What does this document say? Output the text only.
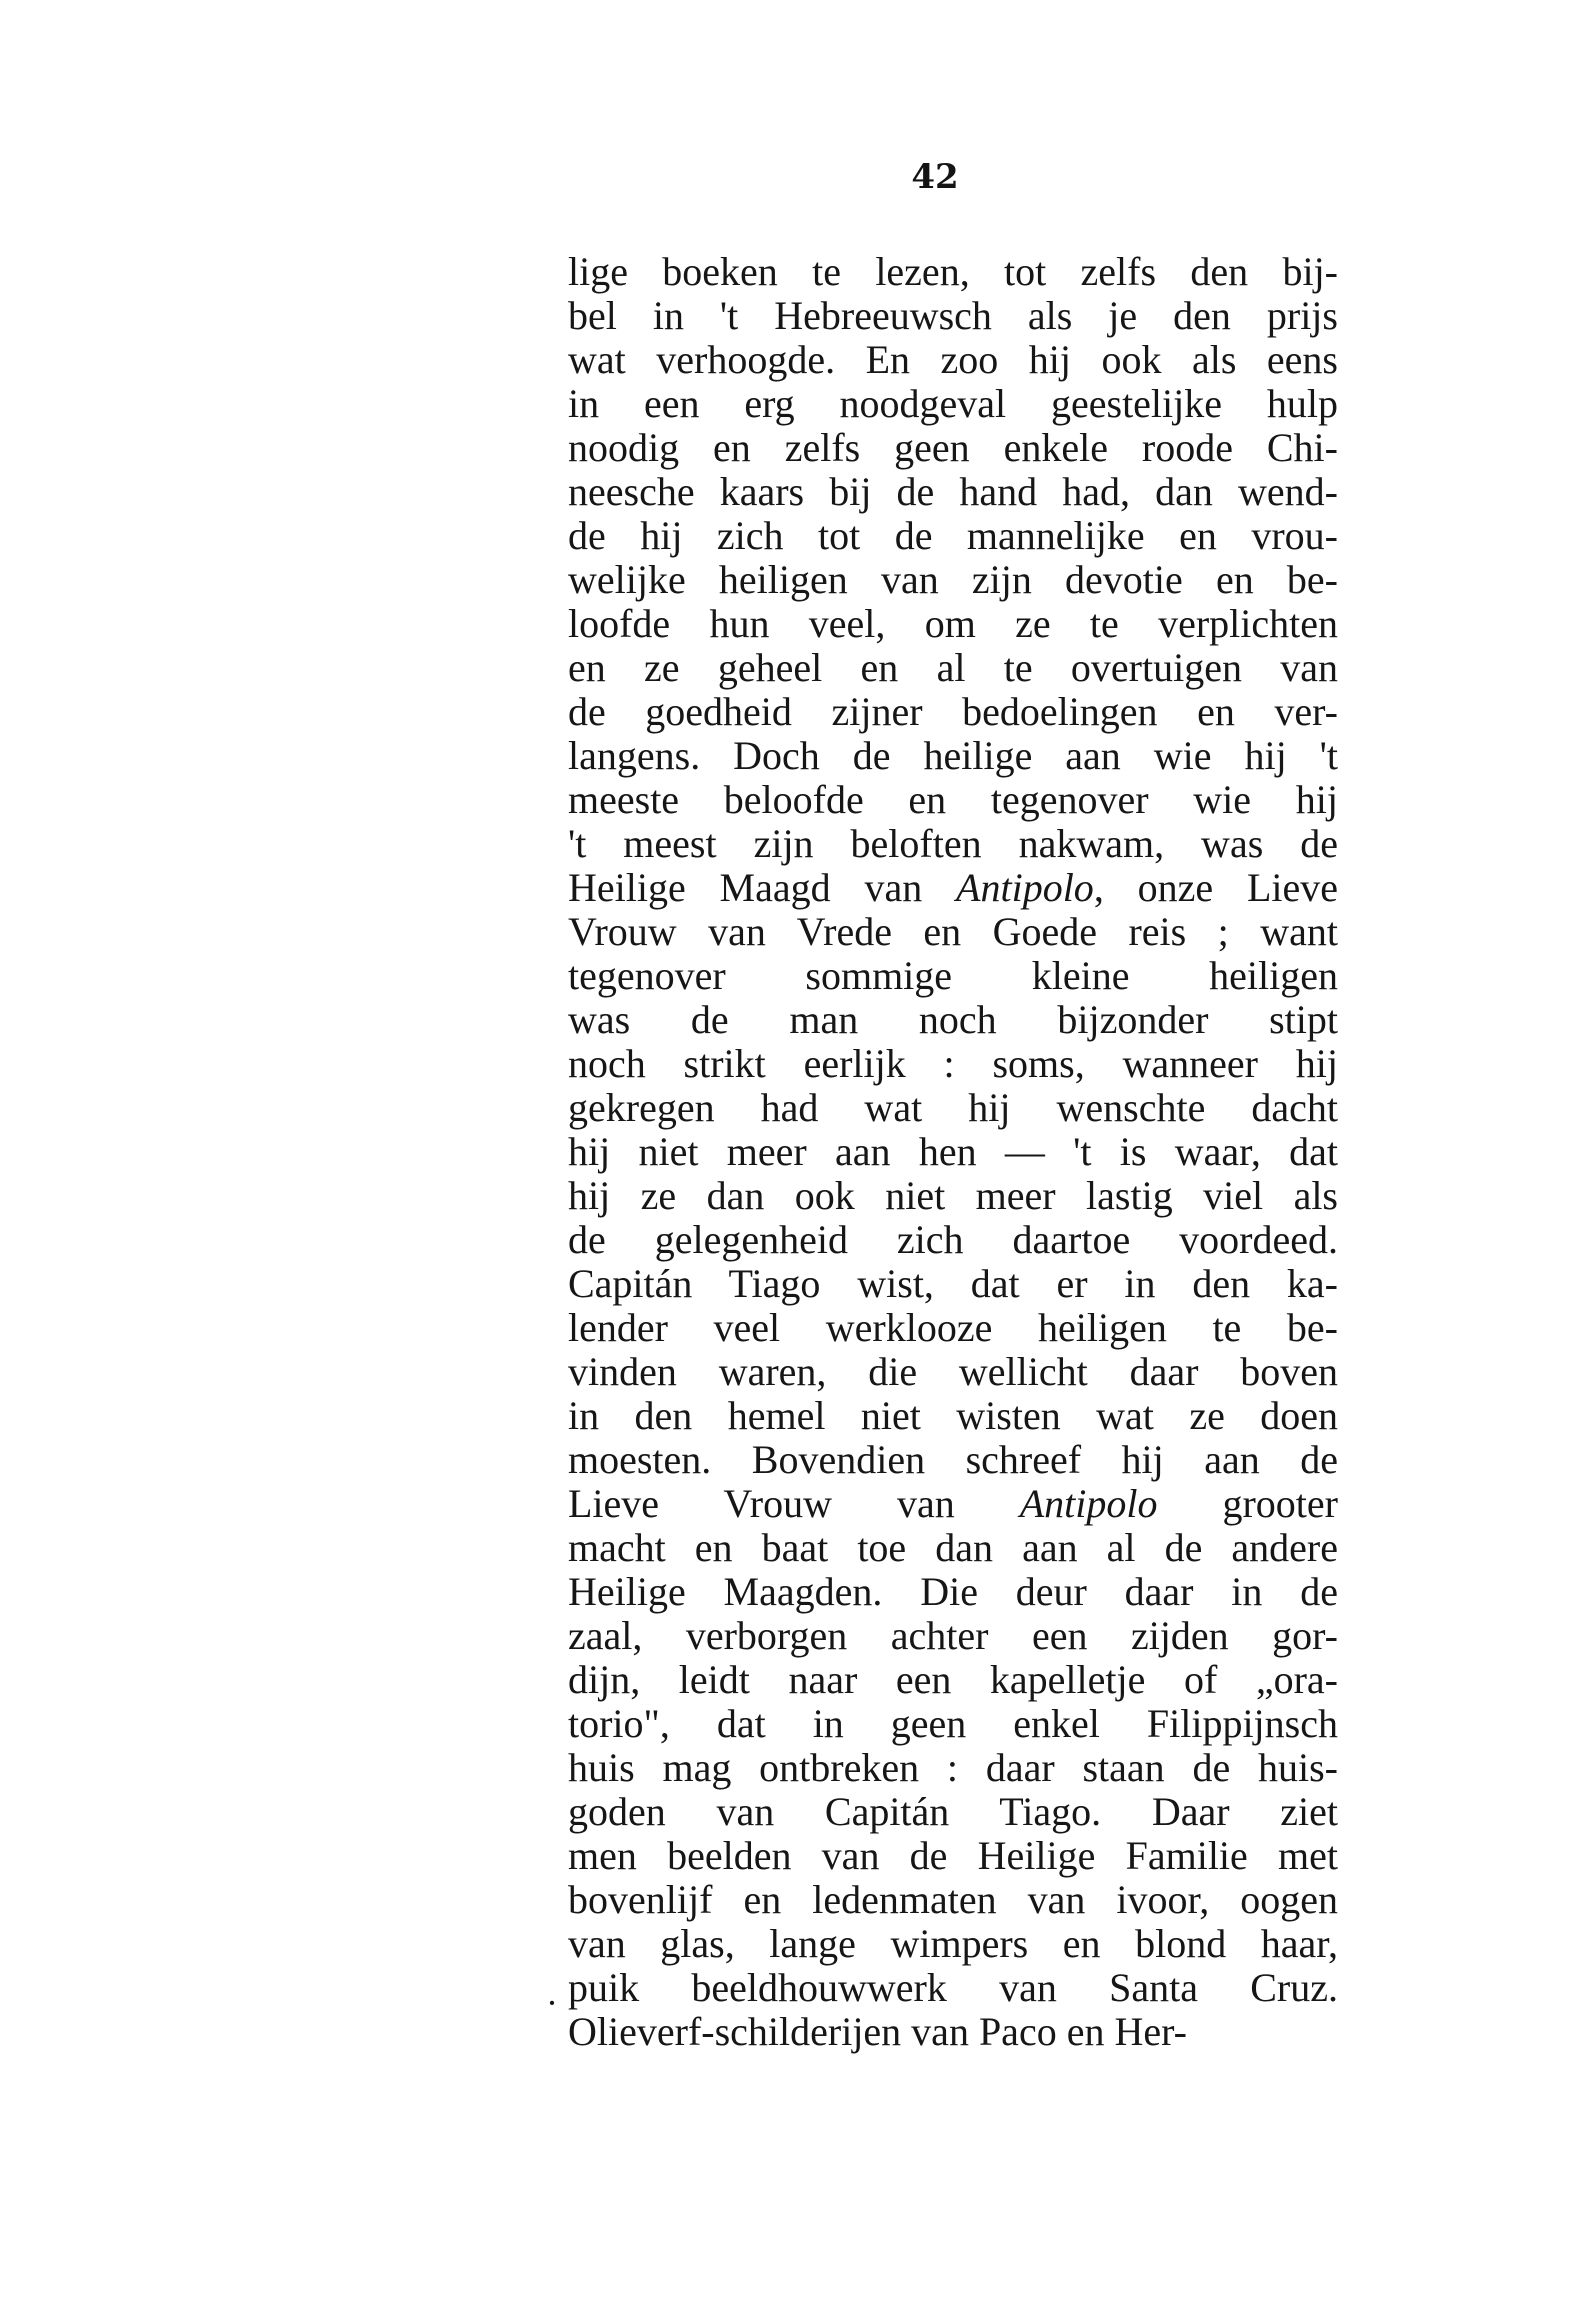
42
·
lige boeken te lezen, tot zelfs den bij-
bel in 't Hebreeuwsch als je den prijs
wat verhoogde. En zoo hij ook als eens
in een erg noodgeval geestelijke hulp
noodig en zelfs geen enkele roode Chi-
neesche kaars bij de hand had, dan wend-
de hij zich tot de mannelijke en vrou-
welijke heiligen van zijn devotie en be-
loofde hun veel, om ze te verplichten
en ze geheel en al te overtuigen van
de goedheid zijner bedoelingen en ver-
langens. Doch de heilige aan wie hij 't
meeste beloofde en tegenover wie hij
't meest zijn beloften nakwam, was de
Heilige Maagd van Antipolo, onze Lieve
Vrouw van Vrede en Goede reis ; want
tegenover sommige kleine heiligen
was de man noch bijzonder stipt
noch strikt eerlijk : soms, wanneer hij
gekregen had wat hij wenschte dacht
hij niet meer aan hen — 't is waar, dat
hij ze dan ook niet meer lastig viel als
de gelegenheid zich daartoe voordeed.
Capitán Tiago wist, dat er in den ka-
lender veel werklooze heiligen te be-
vinden waren, die wellicht daar boven
in den hemel niet wisten wat ze doen
moesten. Bovendien schreef hij aan de
Lieve Vrouw van Antipolo grooter
macht en baat toe dan aan al de andere
Heilige Maagden. Die deur daar in de
zaal, verborgen achter een zijden gor-
dijn, leidt naar een kapelletje of „ora-
torio", dat in geen enkel Filippijnsch
huis mag ontbreken : daar staan de huis-
goden van Capitán Tiago. Daar ziet
men beelden van de Heilige Familie met
bovenlijf en ledenmaten van ivoor, oogen
van glas, lange wimpers en blond haar,
puik beeldhouwwerk van Santa Cruz.
Olieverf-schilderijen van Paco en Her-
